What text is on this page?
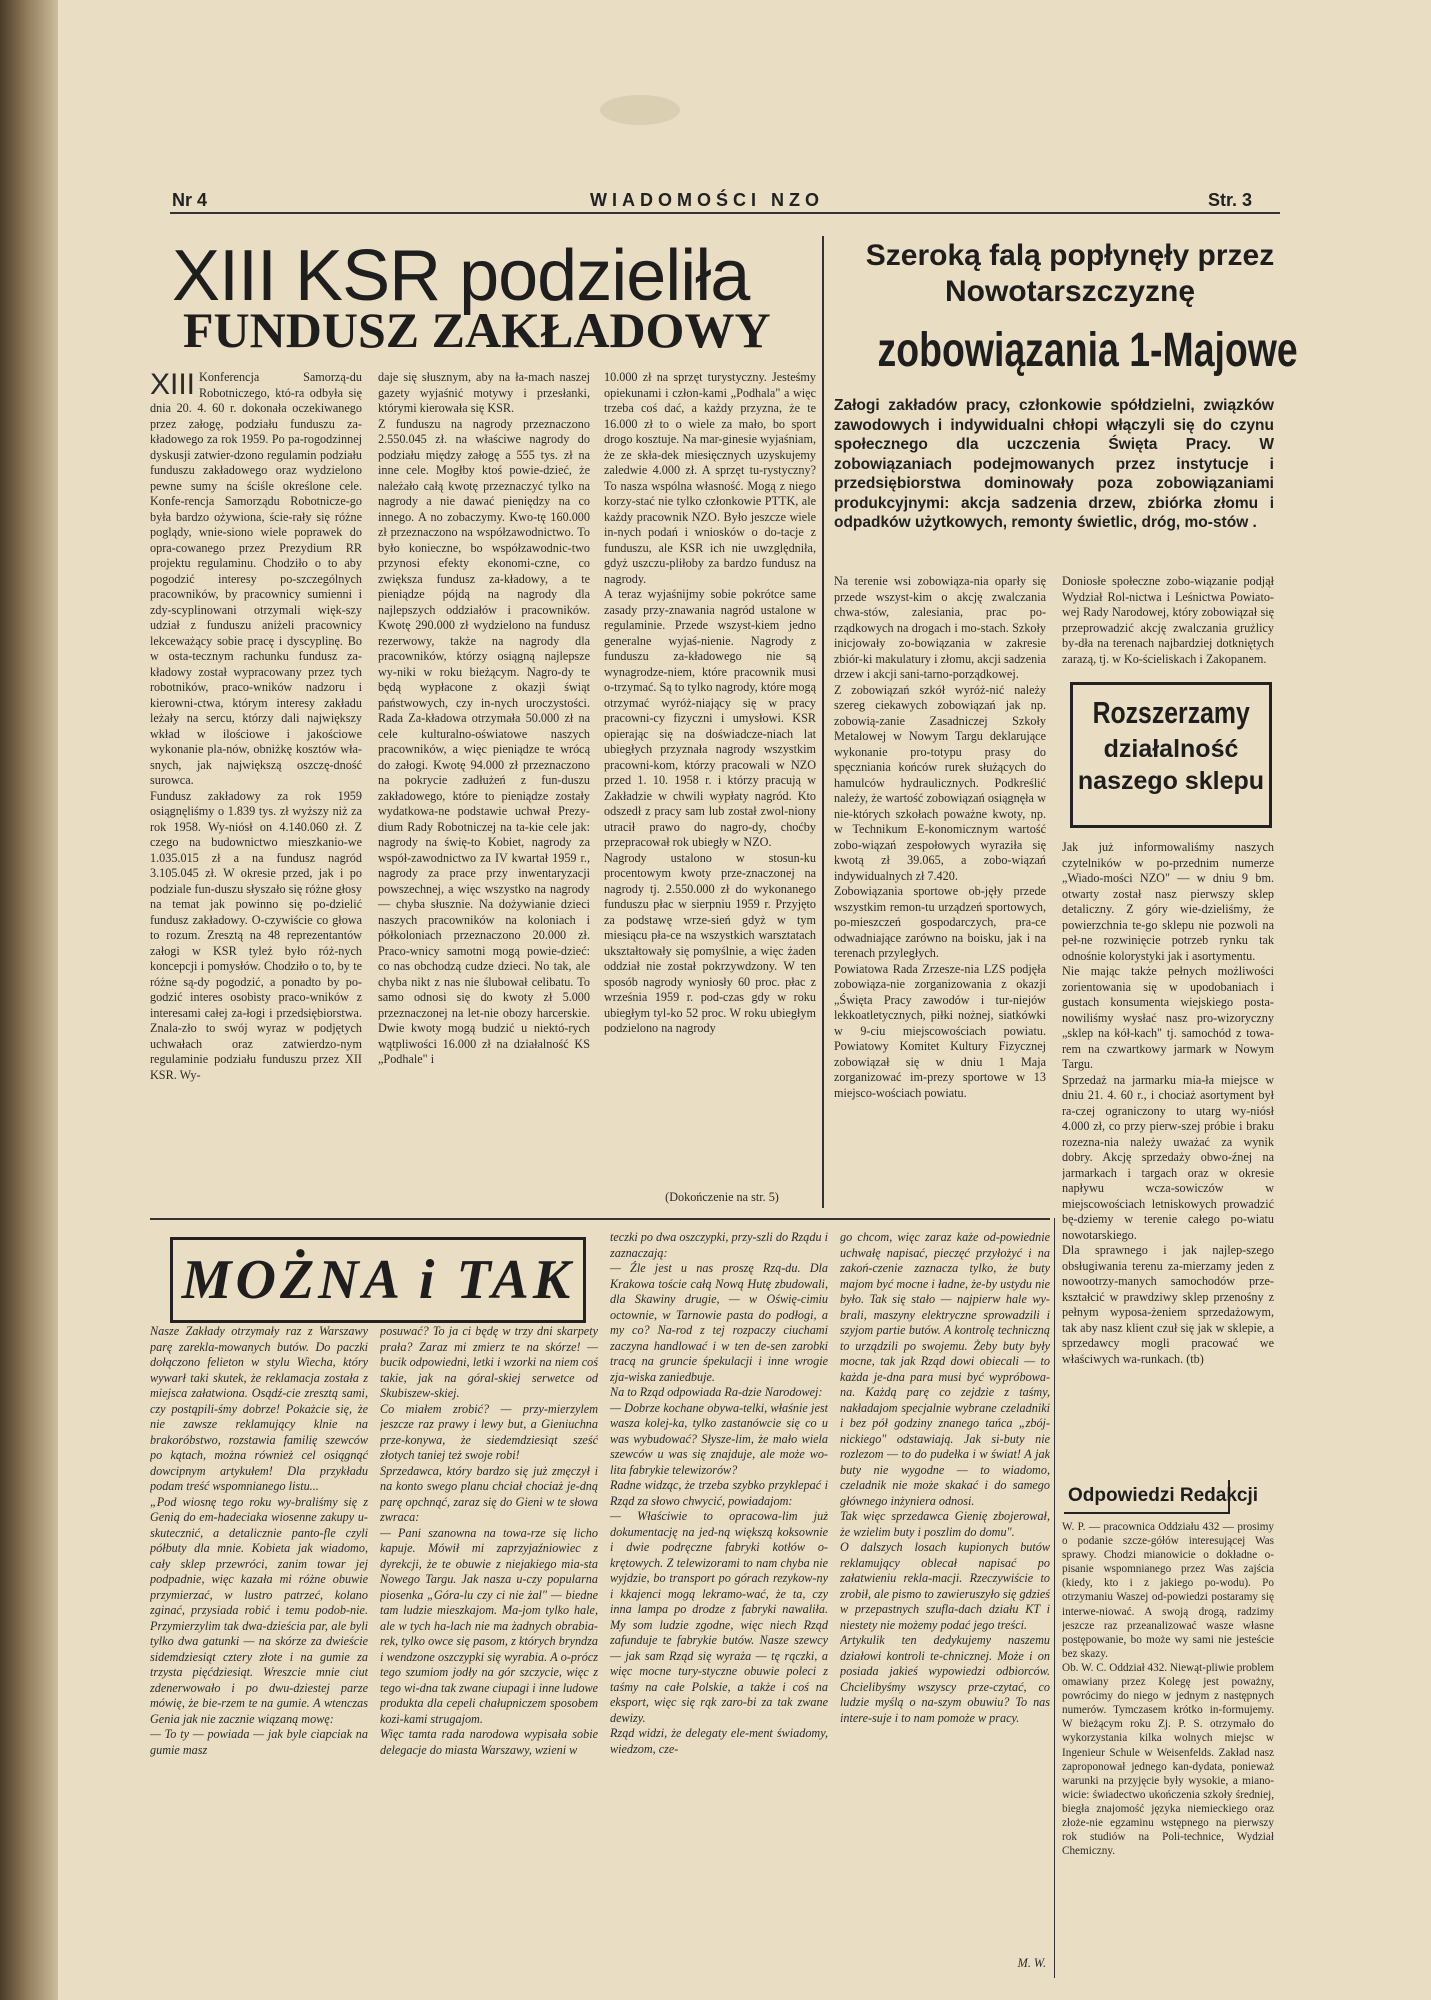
Nr 4	WIADOMOŚCI NZO	Str. 3
XIII KSR podzieliła
FUNDUSZ ZAKŁADOWY
XIII Konferencja Samorzą-du Robotniczego, któ-ra odbyła się dnia 20. 4. 60 r. dokonała oczekiwanego przez załogę, podziału funduszu za-kładowego za rok 1959. Po pa-rogodzinnej dyskusji zatwier-dzono regulamin podziału funduszu zakładowego oraz wydzielono pewne sumy na ściśle określone cele. Konfe-rencja Samorządu Robotnicze-go była bardzo ożywiona, ście-rały się różne poglądy, wnie-siono wiele poprawek do opra-cowanego przez Prezydium RR projektu regulaminu. Chodziło o to aby pogodzić interesy po-szczególnych pracowników, by pracownicy sumienni i zdy-scyplinowani otrzymali więk-szy udział z funduszu aniżeli pracownicy lekceważący sobie pracę i dyscyplinę. Bo w osta-tecznym rachunku fundusz za-kładowy został wypracowany przez tych robotników, praco-wników nadzoru i kierowni-ctwa, którym interesy zakładu leżały na sercu, którzy dali największy wkład w ilościowe i jakościowe wykonanie pla-nów, obniżkę kosztów wła-snych, jak największą oszczę-dność surowca.
Fundusz zakładowy za rok 1959 osiągnęliśmy o 1.839 tys. zł wyższy niż za rok 1958. Wy-niósł on 4.140.060 zł. Z czego na budownictwo mieszkanio-we 1.035.015 zł a na fundusz nagród 3.105.045 zł. W okresie przed, jak i po podziale fun-duszu słyszało się różne głosy na temat jak powinno się po-dzielić fundusz zakładowy. O-czywiście co głowa to rozum. Zresztą na 48 reprezentantów załogi w KSR tyleż było róż-nych koncepcji i pomysłów. Chodziło o to, by te różne są-dy pogodzić, a ponadto by po-godzić interes osobisty praco-wników z interesami całej za-łogi i przedsiębiorstwa. Znala-zło to swój wyraz w podjętych uchwałach oraz zatwierdzo-nym regulaminie podziału funduszu przez XII KSR. Wy-
daje się słusznym, aby na ła-mach naszej gazety wyjaśnić motywy i przesłanki, którymi kierowała się KSR.
Z funduszu na nagrody przeznaczono 2.550.045 zł. na właściwe nagrody do podziału między załogę a 555 tys. zł na inne cele. Mogłby ktoś powie-dzieć, że należało całą kwotę przeznaczyć tylko na nagrody a nie dawać pieniędzy na co innego. A no zobaczymy. Kwo-tę 160.000 zł przeznaczono na współzawodnictwo. To było konieczne, bo współzawodnic-two przynosi efekty ekonomi-czne, co zwiększa fundusz za-kładowy, a te pieniądze pójdą na nagrody dla najlepszych oddziałów i pracowników. Kwotę 290.000 zł wydzielono na fundusz rezerwowy, także na nagrody dla pracowników, którzy osiągną najlepsze wy-niki w roku bieżącym. Nagro-dy te będą wypłacone z okazji świąt państwowych, czy in-nych uroczystości. Rada Za-kładowa otrzymała 50.000 zł na cele kulturalno-oświatowe naszych pracowników, a więc pieniądze te wrócą do załogi. Kwotę 94.000 zł przeznaczono na pokrycie zadłużeń z fun-duszu zakładowego, które to pieniądze zostały wydatkowa-ne podstawie uchwał Prezy-dium Rady Robotniczej na ta-kie cele jak: nagrody na świę-to Kobiet, nagrody za współ-zawodnictwo za IV kwartał 1959 r., nagrody za prace przy inwentaryzacji powszechnej, a więc wszystko na nagrody — chyba słusznie. Na dożywianie dzieci naszych pracowników na koloniach i półkoloniach przeznaczono 20.000 zł. Praco-wnicy samotni mogą powie-dzieć: co nas obchodzą cudze dzieci. No tak, ale chyba nikt z nas nie ślubował celibatu. To samo odnosi się do kwoty zł 5.000 przeznaczonej na let-nie obozy harcerskie. Dwie kwoty mogą budzić u niektó-rych wątpliwości 16.000 zł na działalność KS „Podhale" i
10.000 zł na sprzęt turystyczny. Jesteśmy opiekunami i człon-kami „Podhala" a więc trzeba coś dać, a każdy przyzna, że te 16.000 zł to o wiele za mało, bo sport drogo kosztuje. Na mar-ginesie wyjaśniam, że ze skła-dek miesięcznych uzyskujemy zaledwie 4.000 zł. A sprzęt tu-rystyczny? To nasza wspólna własność. Mogą z niego korzy-stać nie tylko członkowie PTTK, ale każdy pracownik NZO. Było jeszcze wiele in-nych podań i wniosków o do-tacje z funduszu, ale KSR ich nie uwzględniła, gdyż uszczu-pliłoby za bardzo fundusz na nagrody.
A teraz wyjaśnijmy sobie pokrótce same zasady przy-znawania nagród ustalone w regulaminie. Przede wszyst-kiem jedno generalne wyjaś-nienie. Nagrody z funduszu za-kładowego nie są wynagrodze-niem, które pracownik musi o-trzymać. Są to tylko nagrody, które mogą otrzymać wyróż-niający się w pracy pracowni-cy fizyczni i umysłowi. KSR opierając się na doświadcze-niach lat ubiegłych przyznała nagrody wszystkim pracowni-kom, którzy pracowali w NZO przed 1. 10. 1958 r. i którzy pracują w Zakładzie w chwili wypłaty nagród. Kto odszedł z pracy sam lub został zwol-niony utracił prawo do nagro-dy, choćby przepracował rok ubiegły w NZO.
Nagrody ustalono w stosun-ku procentowym kwoty prze-znaczonej na nagrody tj. 2.550.000 zł do wykonanego funduszu płac w sierpniu 1959 r. Przyjęto za podstawę wrze-sień gdyż w tym miesiącu pła-ce na wszystkich warsztatach ukształtowały się pomyślnie, a więc żaden oddział nie został pokrzywdzony. W ten sposób nagrody wyniosły 60 proc. płac z września 1959 r. pod-czas gdy w roku ubiegłym tyl-ko 52 proc. W roku ubiegłym podzielono na nagrody
(Dokończenie na str. 5)
Szeroką falą popłynęły przez Nowotarszczyznę
zobowiązania 1-Majowe
Załogi zakładów pracy, członkowie spółdzielni, związków zawodowych i indywidualni chłopi włączyli się do czynu społecznego dla uczczenia Święta Pracy. W zobowiązaniach podejmowanych przez instytucje i przedsiębiorstwa dominowały poza zobowiązaniami produkcyjnymi: akcja sadzenia drzew, zbiórka złomu i odpadków użytkowych, remonty świetlic, dróg, mo-stów .
Na terenie wsi zobowiąza-nia oparły się przede wszyst-kim o akcję zwalczania chwa-stów, zalesiania, prac po-rządkowych na drogach i mo-stach. Szkoły inicjowały zo-bowiązania w zakresie zbiór-ki makulatury i złomu, akcji sadzenia drzew i akcji sani-tarno-porządkowej.
Z zobowiązań szkół wyróż-nić należy szereg ciekawych zobowiązań jak np. zobowią-zanie Zasadniczej Szkoły Metalowej w Nowym Targu deklarujące wykonanie pro-totypu prasy do spęczniania końców rurek służących do hamulców hydraulicznych. Podkreślić należy, że wartość zobowiązań osiągnęła w nie-których szkołach poważne kwoty, np. w Technikum E-konomicznym wartość zobo-wiązań zespołowych wyraziła się kwotą zł 39.065, a zobo-wiązań indywidualnych zł 7.420.
Zobowiązania sportowe ob-jęły przede wszystkim remon-tu urządzeń sportowych, po-mieszczeń gospodarczych, pra-ce odwadniające zarówno na boisku, jak i na terenach przyległych.
Powiatowa Rada Zrzesze-nia LZS podjęła zobowiąza-nie zorganizowania z okazji „Święta Pracy zawodów i tur-niejów lekkoatletycznych, piłki nożnej, siatkówki w 9-ciu miejscowościach powiatu. Powiatowy Komitet Kultury Fizycznej zobowiązał się w dniu 1 Maja zorganizować im-prezy sportowe w 13 miejsco-wościach powiatu.
Doniosłe społeczne zobo-wiązanie podjął Wydział Rol-nictwa i Leśnictwa Powiato-wej Rady Narodowej, który zobowiązał się przeprowadzić akcję zwalczania grużlicy by-dła na terenach najbardziej dotkniętych zarazą, tj. w Ko-ścieliskach i Zakopanem.
Rozszerzamy
działalność
naszego sklepu
Jak już informowaliśmy naszych czytelników w po-przednim numerze „Wiado-mości NZO" — w dniu 9 bm. otwarty został nasz pierwszy sklep detaliczny. Z góry wie-dzieliśmy, że powierzchnia te-go sklepu nie pozwoli na peł-ne rozwinięcie potrzeb rynku tak odnośnie kolorystyki jak i asortymentu.
Nie mając także pełnych możliwości zorientowania się w upodobaniach i gustach konsumenta wiejskiego posta-nowiliśmy wysłać nasz pro-wizoryczny „sklep na kół-kach" tj. samochód z towa-rem na czwartkowy jarmark w Nowym Targu.
Sprzedaż na jarmarku mia-ła miejsce w dniu 21. 4. 60 r., i chociaż asortyment był ra-czej ograniczony to utarg wy-niósł 4.000 zł, co przy pierw-szej próbie i braku rozezna-nia należy uważać za wynik dobry. Akcję sprzedaży obwo-źnej na jarmarkach i targach oraz w okresie napływu wcza-sowiczów w miejscowościach letniskowych prowadzić bę-dziemy w terenie całego po-wiatu nowotarskiego.
Dla sprawnego i jak najlep-szego obsługiwania terenu za-mierzamy jeden z nowootrzy-manych samochodów prze-kształcić w prawdziwy sklep przenośny z pełnym wyposa-żeniem sprzedażowym, tak aby nasz klient czuł się jak w sklepie, a sprzedawcy mogli pracować we właściwych wa-runkach. (tb)
MOŻNA i TAK
Nasze Zakłady otrzymały raz z Warszawy parę zarekla-mowanych butów. Do paczki dołączono felieton w stylu Wiecha, który wywarł taki skutek, że reklamacja została z miejsca załatwiona. Osądź-cie zresztą sami, czy postąpili-śmy dobrze! Pokażcie się, że nie zawsze reklamujący klnie na brakoróbstwo, rozstawia familię szewców po kątach, można również cel osiągnąć dowcipnym artykułem! Dla przykładu podam treść wspomnianego listu...
„Pod wiosnę tego roku wy-braliśmy się z Genią do em-hadeciaka wiosenne zakupy u-skutecznić, a detalicznie panto-fle czyli półbuty dla mnie. Kobieta jak wiadomo, cały sklep przewróci, zanim towar jej podpadnie, więc kazała mi różne obuwie przymierzać, w lustro patrzeć, kolano zginać, przysiada robić i temu podob-nie. Przymierzylim tak dwa-dzieścia par, ale byli tylko dwa gatunki — na skórze za dwieście sidemdziesiąt cztery złote i na gumie za trzysta pięćdziesiąt. Wreszcie mnie ciut zdenerwowało i po dwu-dziestej parze mówię, że bie-rzem te na gumie. A wtenczas Genia jak nie zacznie wiązaną mowę:
— To ty — powiada — jak byle ciapciak na gumie masz
posuwać? To ja ci będę w trzy dni skarpety prała? Zaraz mi zmierz te na skórze! — bucik odpowiedni, letki i wzorki na niem coś takie, jak na góral-skiej serwetce od Skubiszew-skiej.
Co miałem zrobić? — przy-mierzylem jeszcze raz prawy i lewy but, a Gieniuchna prze-konywa, że siedemdziesiąt sześć złotych taniej też swoje robi!
Sprzedawca, który bardzo się już zmęczył i na konto swego planu chciał chociaż je-dną parę opchnąć, zaraz się do Gieni w te słowa zwraca:
— Pani szanowna na towa-rze się licho kapuje. Mówił mi zaprzyjaźniowiec z dyrekcji, że te obuwie z niejakiego mia-sta Nowego Targu. Jak nasza u-czy popularna piosenka „Góra-lu czy ci nie żal" — biedne tam ludzie mieszkajom. Ma-jom tylko hale, ale w tych ha-lach nie ma żadnych obrabia-rek, tylko owce się pasom, z których bryndza i wendzone oszczypki się wyrabia. A o-prócz tego szumiom jodły na gór szczycie, więc z tego wi-dna tak zwane ciupagi i inne ludowe produkta dla cepeli chałupniczem sposobem kozi-kami strugajom.
Więc tamta rada narodowa wypisała sobie delegacje do miasta Warszawy, wzieni w
teczki po dwa oszczypki, przy-szli do Rządu i zaznaczają:
— Źle jest u nas proszę Rzą-du. Dla Krakowa toście całą Nową Hutę zbudowali, dla Skawiny drugie, — w Oświę-cimiu octownie, w Tarnowie pasta do podłogi, a my co? Na-rod z tej rozpaczy ciuchami zaczyna handlować i w ten de-sen zarobki tracą na gruncie śpekulacji i inne wrogie zja-wiska zaniedbuje.
Na to Rząd odpowiada Ra-dzie Narodowej:
— Dobrze kochane obywa-telki, właśnie jest wasza kolej-ka, tylko zastanówcie się co u was wybudować? Słysze-lim, że mało wiela szewców u was się znajduje, ale może wo-lita fabrykie telewizorów?
Radne widząc, że trzeba szybko przyklepać i Rząd za słowo chwycić, powiadajom:
— Właściwie to opracowa-lim już dokumentację na jed-ną większą koksownie i dwie podręczne fabryki kotłów o-krętowych. Z telewizorami to nam chyba nie wyjdzie, bo transport po górach rezykow-ny i kkajenci mogą lekramo-wać, że ta, czy inna lampa po drodze z fabryki nawaliła. My som ludzie zgodne, więc niech Rząd zafunduje te fabrykie butów. Nasze szewcy — jak sam Rząd się wyraża — tę rączki, a więc mocne tury-styczne obuwie poleci z taśmy na całe Polskie, a także i coś na eksport, więc się rąk zaro-bi za tak zwane dewizy.
Rząd widzi, że delegaty ele-ment świadomy, wiedzom, cze-
go chcom, więc zaraz każe od-powiednie uchwałę napisać, pieczęć przyłożyć i na zakoń-czenie zaznacza tylko, że buty majom być mocne i ładne, że-by ustydu nie było. Tak się stało — najpierw hale wy-brali, maszyny elektryczne sprowadzili i szyjom partie butów. A kontrolę techniczną to urządzili po swojemu. Żeby buty były mocne, tak jak Rząd dowi obiecali — to każda je-dna para musi być wypróbowa-na. Każdą parę co zejdzie z taśmy, nakładajom specjalnie wybrane czeladniki i bez pół godziny znanego tańca „zbój-nickiego" odstawiają. Jak si-buty nie rozlezom — to do pudełka i w świat! A jak buty nie wygodne — to wiadomo, czeladnik nie może skakać i do samego głównego inżyniera odnosi.
Tak więc sprzedawca Gienię zbojerował, że wzielim buty i poszlim do domu".
O dalszych losach kupionych butów reklamujący oblecał napisać po załatwieniu rekla-macji. Rzeczywiście to zrobił, ale pismo to zawieruszyło się gdzieś w przepastnych szufla-dach działu KT i niestety nie możemy podać jego treści.
Artykulik ten dedykujemy naszemu działowi kontroli te-chnicznej. Może i on posiada jakieś wypowiedzi odbiorców. Chcielibyśmy wszyscy prze-czytać, co ludzie myślą o na-szym obuwiu? To nas intere-suje i to nam pomoże w pracy.
M. W.
Odpowiedzi Redakcji
W. P. — pracownica Oddziału 432 — prosimy o podanie szcze-gółów interesującej Was sprawy. Chodzi mianowicie o dokładne o-pisanie wspomnianego przez Was zajścia (kiedy, kto i z jakiego po-wodu). Po otrzymaniu Waszej od-powiedzi postaramy się interwe-niować. A swoją drogą, radzimy jeszcze raz przeanalizować wasze własne postępowanie, bo może wy sami nie jesteście bez skazy.
Ob. W. C. Oddział 432. Niewąt-pliwie problem omawiany przez Kolegę jest poważny, powrócimy do niego w jednym z następnych numerów. Tymczasem krótko in-formujemy. W bieżącym roku Zj. P. S. otrzymało do wykorzystania kilka wolnych miejsc w Ingenieur Schule w Weisenfelds. Zakład nasz zaproponował jednego kan-dydata, ponieważ warunki na przyjęcie były wysokie, a miano-wicie: świadectwo ukończenia szkoły średniej, biegła znajomość języka niemieckiego oraz złoże-nie egzaminu wstępnego na pierwszy rok studiów na Poli-technice, Wydział Chemiczny.
